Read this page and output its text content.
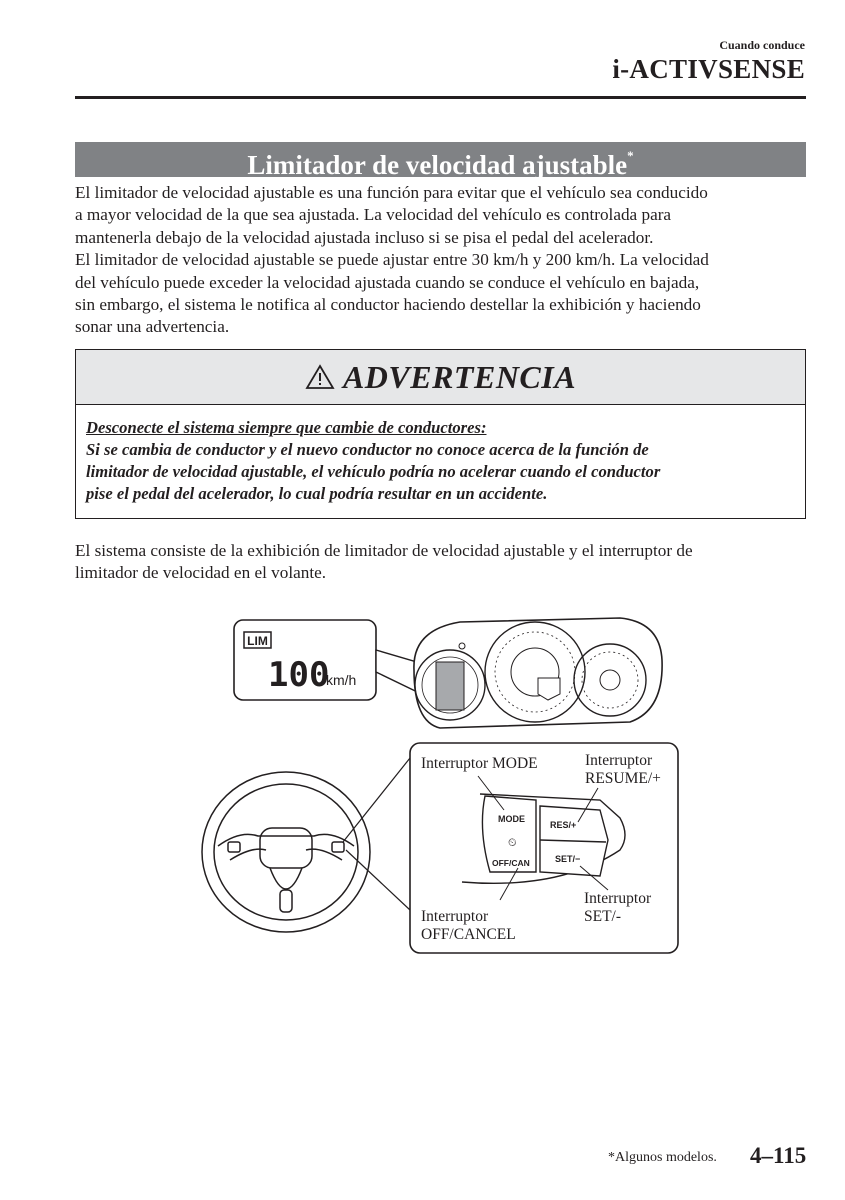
Cuando conduce
i-ACTIVSENSE
Limitador de velocidad ajustable*

El limitador de velocidad ajustable es una función para evitar que el vehículo sea conducido

a mayor velocidad de la que sea ajustada. La velocidad del vehículo es controlada para

mantenerla debajo de la velocidad ajustada incluso si se pisa el pedal del acelerador.

El limitador de velocidad ajustable se puede ajustar entre 30 km/h y 200 km/h. La velocidad

del vehículo puede exceder la velocidad ajustada cuando se conduce el vehículo en bajada,

sin embargo, el sistema le notifica al conductor haciendo destellar la exhibición y haciendo

sonar una advertencia.

ADVERTENCIA
Desconecte el sistema siempre que cambie de conductores:
Si se cambia de conductor y el nuevo conductor no conoce acerca de la función de
limitador de velocidad ajustable, el vehículo podría no acelerar cuando el conductor
pise el pedal del acelerador, lo cual podría resultar en un accidente.

El sistema consiste de la exhibición de limitador de velocidad ajustable y el interruptor de

limitador de velocidad en el volante.

LIM
100
km/h
MODE
⏲
OFF/CAN
RES/+
SET/−
Interruptor MODE	Interruptor
RESUME/+
Interruptor
SET/-
Interruptor
OFF/CANCEL
*Algunos modelos. 4–115
